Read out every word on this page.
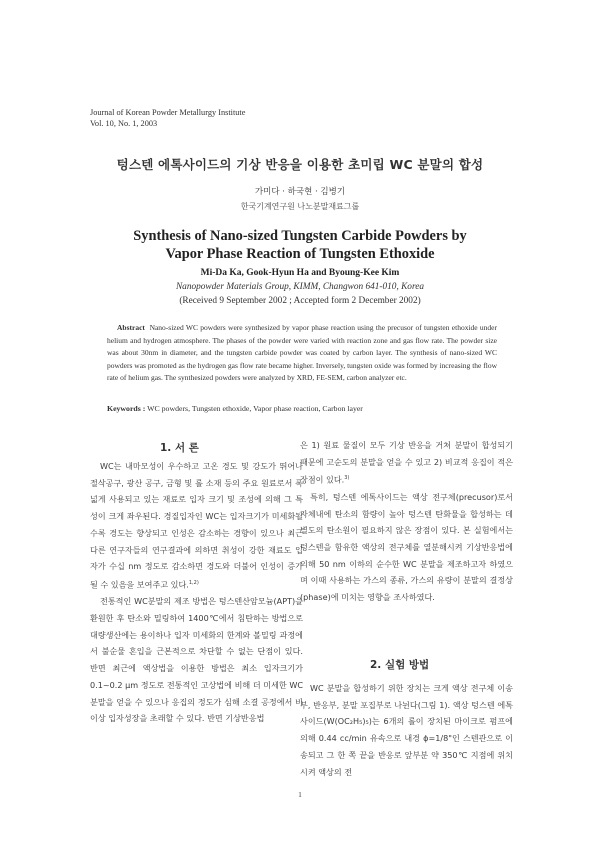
Journal of Korean Powder Metallurgy Institute
Vol. 10, No. 1, 2003
텅스텐 에톡사이드의 기상 반응을 이용한 초미립 WC 분말의 합성
가미다 · 하국현 · 김병기
한국기계연구원 나노분말재료그룹
Synthesis of Nano-sized Tungsten Carbide Powders by
Vapor Phase Reaction of Tungsten Ethoxide
Mi-Da Ka, Gook-Hyun Ha and Byoung-Kee Kim
Nanopowder Materials Group, KIMM, Changwon 641-010, Korea
(Received 9 September 2002 ; Accepted form 2 December 2002)
Abstract Nano-sized WC powders were synthesized by vapor phase reaction using the precusor of tungsten ethoxide under helium and hydrogen atmosphere. The phases of the powder were varied with reaction zone and gas flow rate. The powder size was about 30nm in diameter, and the tungsten carbide powder was coated by carbon layer. The synthesis of nano-sized WC powders was promoted as the hydrogen gas flow rate became higher. Inversely, tungsten oxide was formed by increasing the flow rate of helium gas. The synthesized powders were analyzed by XRD, FE-SEM, carbon analyzer etc.
Keywords : WC powders, Tungsten ethoxide, Vapor phase reaction, Carbon layer
1. 서 론

WC는 내마모성이 우수하고 고온 경도 및 강도가 뛰어나 절삭공구, 광산 공구, 금형 및 롤 소재 등의 주요 원료로서 폭넓게 사용되고 있는 재료로 입자 크기 및 조성에 의해 그 특성이 크게 좌우된다. 경질입자인 WC는 입자크기가 미세화될수록 경도는 향상되고 인성은 감소하는 경향이 있으나 최근 다른 연구자들의 연구결과에 의하면 취성이 강한 재료도 입자가 수십 nm 정도로 감소하면 경도와 더불어 인성이 증가될 수 있음을 보여주고 있다.$^{1,2)}$

전통적인 WC분말의 제조 방법은 텅스텐산암모늄(APT)을 환원한 후 탄소와 밀링하여 1400℃에서 침탄하는 방법으로 대량생산에는 용이하나 입자 미세화의 한계와 볼밀링 과정에서 불순물 혼입을 근본적으로 차단할 수 없는 단점이 있다. 반면 최근에 액상법을 이용한 방법은 최소 입자크기가 0.1~0.2 μm 정도로 전통적인 고상법에 비해 더 미세한 WC 분말을 얻을 수 있으나 응집의 정도가 심해 소결 공정에서 비이상 입자성장을 초래할 수 있다. 반면 기상반응법

은 1) 원료 물질이 모두 기상 반응을 거쳐 분말이 합성되기 때문에 고순도의 분말을 얻을 수 있고 2) 비교적 응집이 적은 장점이 있다.$^{3)}$

특히, 텅스텐 에톡사이드는 액상 전구체(precusor)로서 자체내에 탄소의 함량이 높아 텅스텐 탄화물을 합성하는 데 별도의 탄소원이 필요하지 않은 장점이 있다. 본 실험에서는 텅스텐을 함유한 액상의 전구체를 열분해시켜 기상반응법에 의해 50 nm 이하의 순수한 WC 분말을 제조하고자 하였으며 이때 사용하는 가스의 종류, 가스의 유량이 분말의 결정상(phase)에 미치는 영향을 조사하였다.

2. 실험 방법

WC 분말을 합성하기 위한 장치는 크게 액상 전구체 이송부, 반응부, 분말 포집부로 나뉜다(그림 1). 액상 텅스텐 에톡사이드(W(OC₂H₅)₅)는 6개의 롤이 장치된 마이크로 펌프에 의해 0.44 cc/min 유속으로 내경 ϕ=1/8"인 스텐관으로 이송되고 그 한 쪽 끝을 반응로 앞부분 약 350℃ 지점에 위치시켜 액상의 전

1
